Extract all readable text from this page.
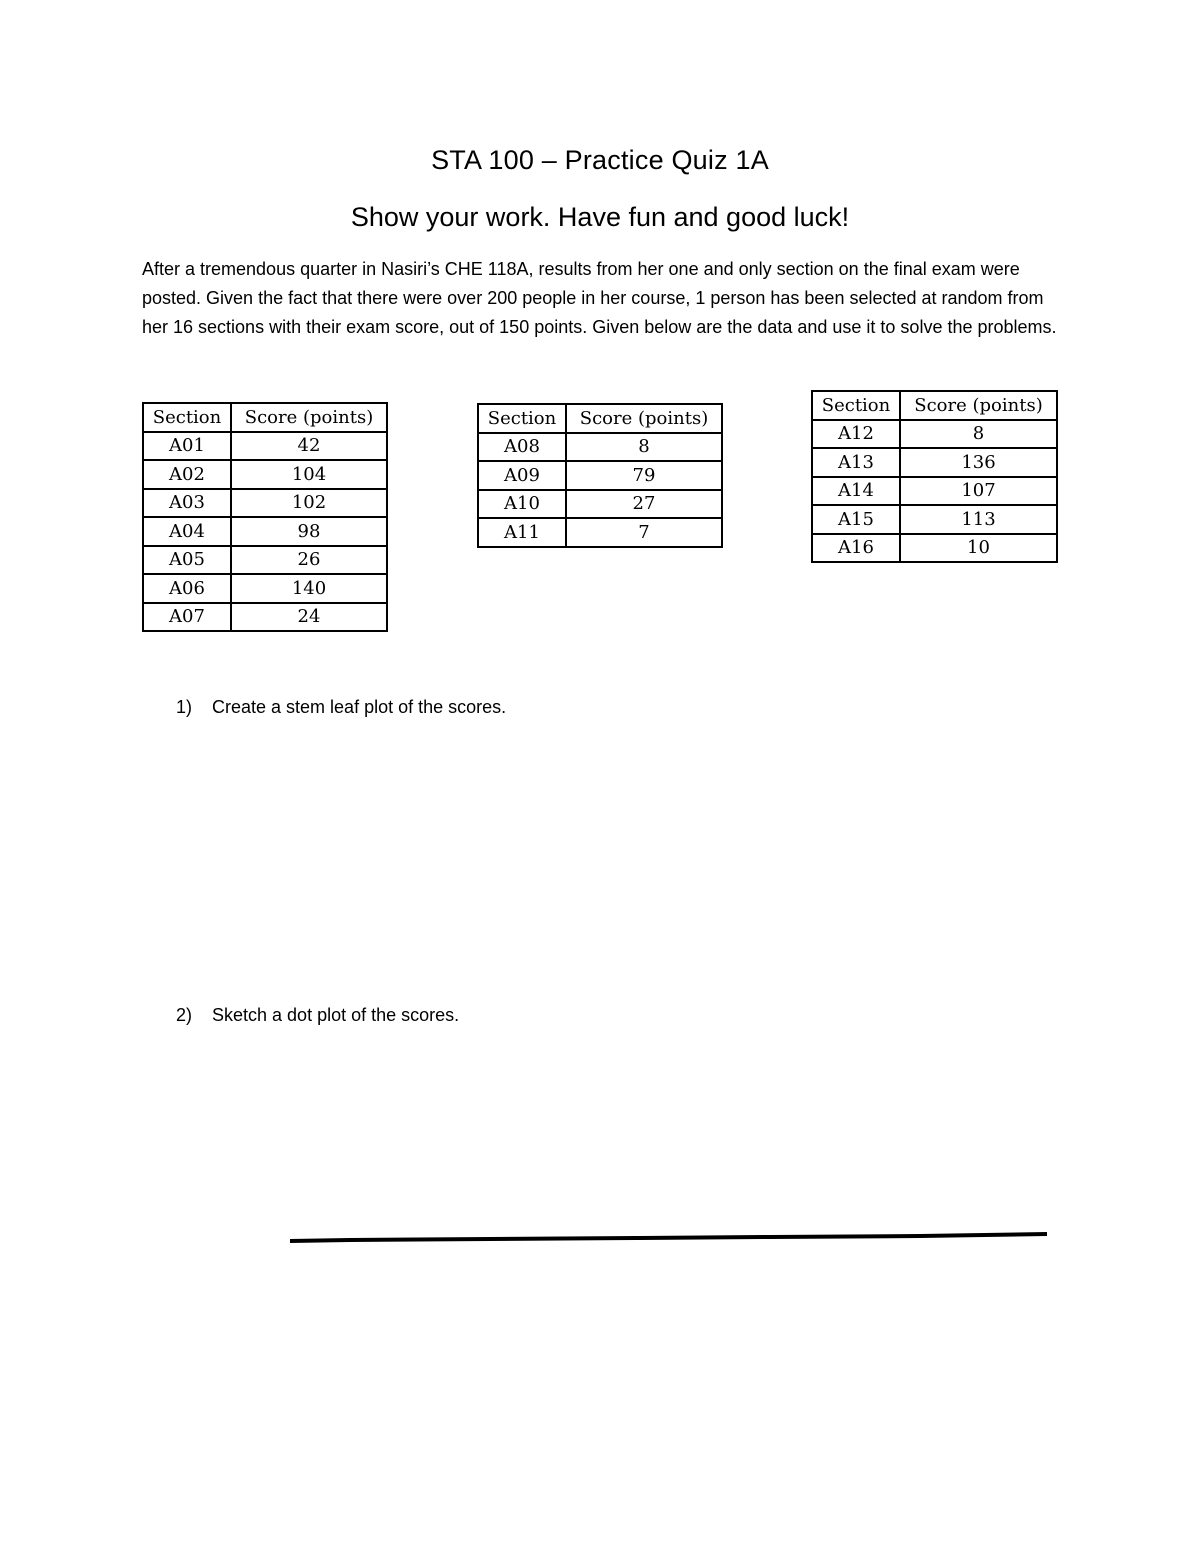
STA 100 – Practice Quiz 1A
Show your work. Have fun and good luck!

After a tremendous quarter in Nasiri’s CHE 118A, results from her one and only section on the final exam were posted. Given the fact that there were over 200 people in her course, 1 person has been selected at random from her 16 sections with their exam score, out of 150 points. Given below are the data and use it to solve the problems.

Section	Score (points)
A01	42
A02	104
A03	102
A04	98
A05	26
A06	140
A07	24
Section	Score (points)
A08	8
A09	79
A10	27
A11	7
Section	Score (points)
A12	8
A13	136
A14	107
A15	113
A16	10
1) Create a stem leaf plot of the scores.
2) Sketch a dot plot of the scores.
